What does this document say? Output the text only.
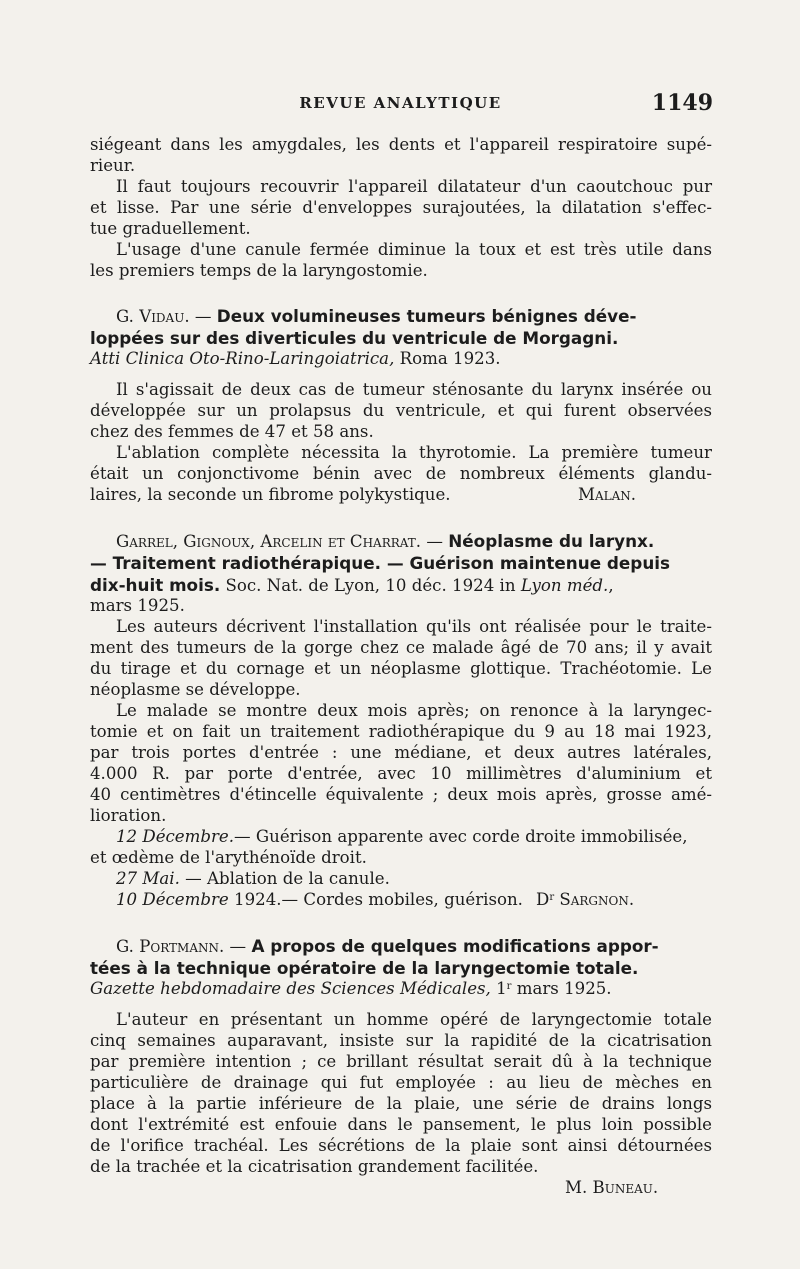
REVUE ANALYTIQUE	1149
siégeant dans les amygdales, les dents et l'appareil respiratoire supé-
rieur.
Il faut toujours recouvrir l'appareil dilatateur d'un caoutchouc pur
et lisse. Par une série d'enveloppes surajoutées, la dilatation s'effec-
tue graduellement.
L'usage d'une canule fermée diminue la toux et est très utile dans
les premiers temps de la laryngostomie.
G. Vidau. — Deux volumineuses tumeurs bénignes déve-
loppées sur des diverticules du ventricule de Morgagni.
Atti Clinica Oto-Rino-Laringoiatrica, Roma 1923.
Il s'agissait de deux cas de tumeur sténosante du larynx insérée ou
développée sur un prolapsus du ventricule, et qui furent observées
chez des femmes de 47 et 58 ans.
L'ablation complète nécessita la thyrotomie. La première tumeur
était un conjonctivome bénin avec de nombreux éléments glandu-
laires, la seconde un fibrome polykystique.	Malan.
Garrel, Gignoux, Arcelin et Charrat. — Néoplasme du larynx.
— Traitement radiothérapique. — Guérison maintenue depuis
dix-huit mois. Soc. Nat. de Lyon, 10 déc. 1924 in Lyon méd.,
mars 1925.
Les auteurs décrivent l'installation qu'ils ont réalisée pour le traite-
ment des tumeurs de la gorge chez ce malade âgé de 70 ans; il y avait
du tirage et du cornage et un néoplasme glottique. Trachéotomie. Le
néoplasme se développe.
Le malade se montre deux mois après; on renonce à la laryngec-
tomie et on fait un traitement radiothérapique du 9 au 18 mai 1923,
par trois portes d'entrée : une médiane, et deux autres latérales,
4.000 R. par porte d'entrée, avec 10 millimètres d'aluminium et
40 centimètres d'étincelle équivalente ; deux mois après, grosse amé-
lioration.
12 Décembre.— Guérison apparente avec corde droite immobilisée,
et œdème de l'arythénoïde droit.
27 Mai. — Ablation de la canule.
10 Décembre 1924.— Cordes mobiles, guérison. $D^r$ Sargnon.
G. Portmann. — A propos de quelques modifications appor-
tées à la technique opératoire de la laryngectomie totale.
Gazette hebdomadaire des Sciences Médicales, 1$^r$ mars 1925.
L'auteur en présentant un homme opéré de laryngectomie totale
cinq semaines auparavant, insiste sur la rapidité de la cicatrisation
par première intention ; ce brillant résultat serait dû à la technique
particulière de drainage qui fut employée : au lieu de mèches en
place à la partie inférieure de la plaie, une série de drains longs
dont l'extrémité est enfouie dans le pansement, le plus loin possible
de l'orifice trachéal. Les sécrétions de la plaie sont ainsi détournées
de la trachée et la cicatrisation grandement facilitée.
M. Buneau.
